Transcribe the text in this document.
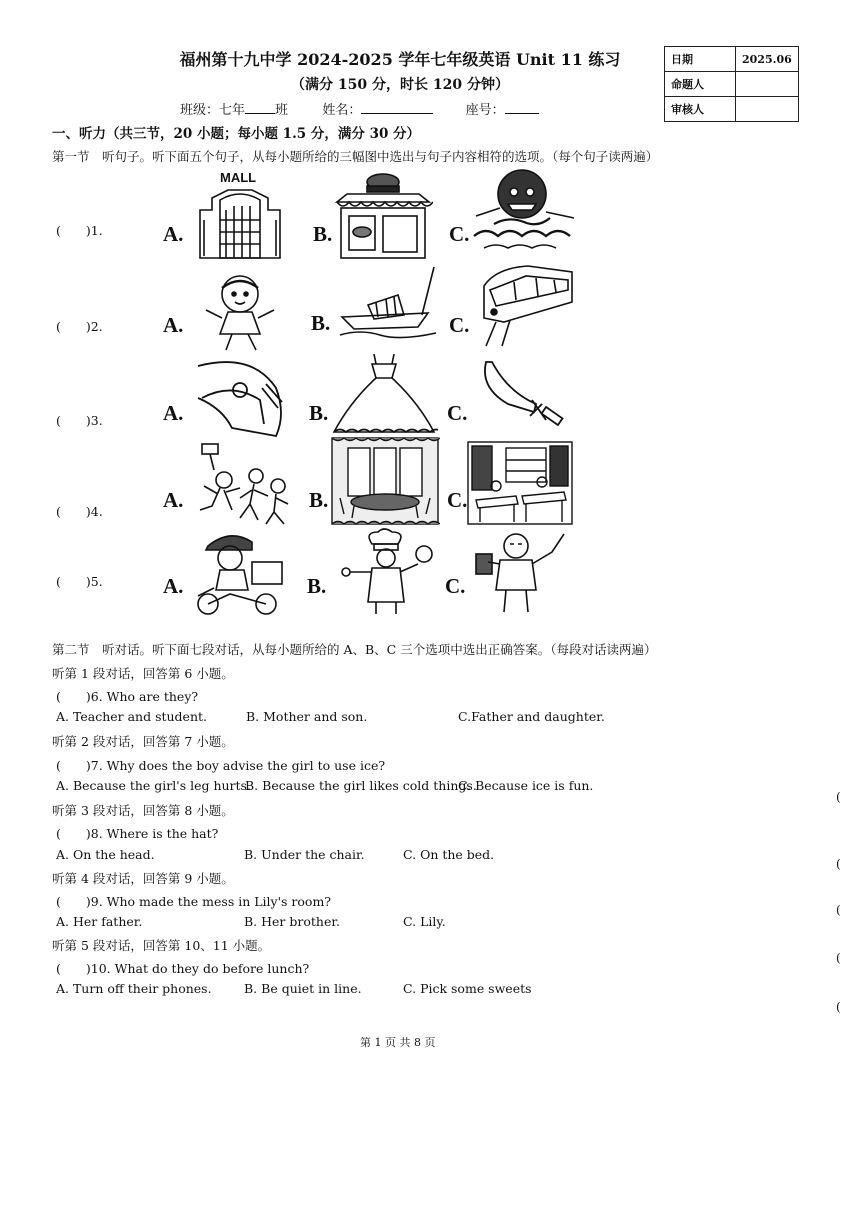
福州第十九中学 2024-2025 学年七年级英语 Unit 11 练习
（满分 150 分，时长 120 分钟）
班级：七年 班	姓名：	座号：
日期	2025.06
命题人	
审核人	
一、听力（共三节，20 小题；每小题 1.5 分，满分 30 分）
第一节　听句子。听下面五个句子，从每小题所给的三幅图中选出与句子内容相符的选项。（每个句子读两遍）
(　　)1.	A.	B.	C.
MALL
(　　)2.	A.	B.	C.
(　　)3.	A.	B.	C.
(　　)4.	A.	B.	C.
(　　)5.	A.	B.	C.
第二节　听对话。听下面七段对话，从每小题所给的 A、B、C 三个选项中选出正确答案。（每段对话读两遍）
听第 1 段对话，回答第 6 小题。
(　　)6. Who are they?
A. Teacher and student.	B. Mother and son.	C.Father and daughter.
听第 2 段对话，回答第 7 小题。
(　　)7. Why does the boy advise the girl to use ice?
A. Because the girl's leg hurts.
B. Because the girl likes cold things.
C. Because ice is fun.
听第 3 段对话，回答第 8 小题。
(　　)8. Where is the hat?
A. On the head.	B. Under the chair.	C. On the bed.
听第 4 段对话，回答第 9 小题。
(　　)9. Who made the mess in Lily's room?
A. Her father.	B. Her brother.	C. Lily.
听第 5 段对话，回答第 10、11 小题。
(　　)10. What do they do before lunch?
A. Turn off their phones.	B. Be quiet in line.	C. Pick some sweets
(
(
(
(
(
第 1 页 共 8 页
